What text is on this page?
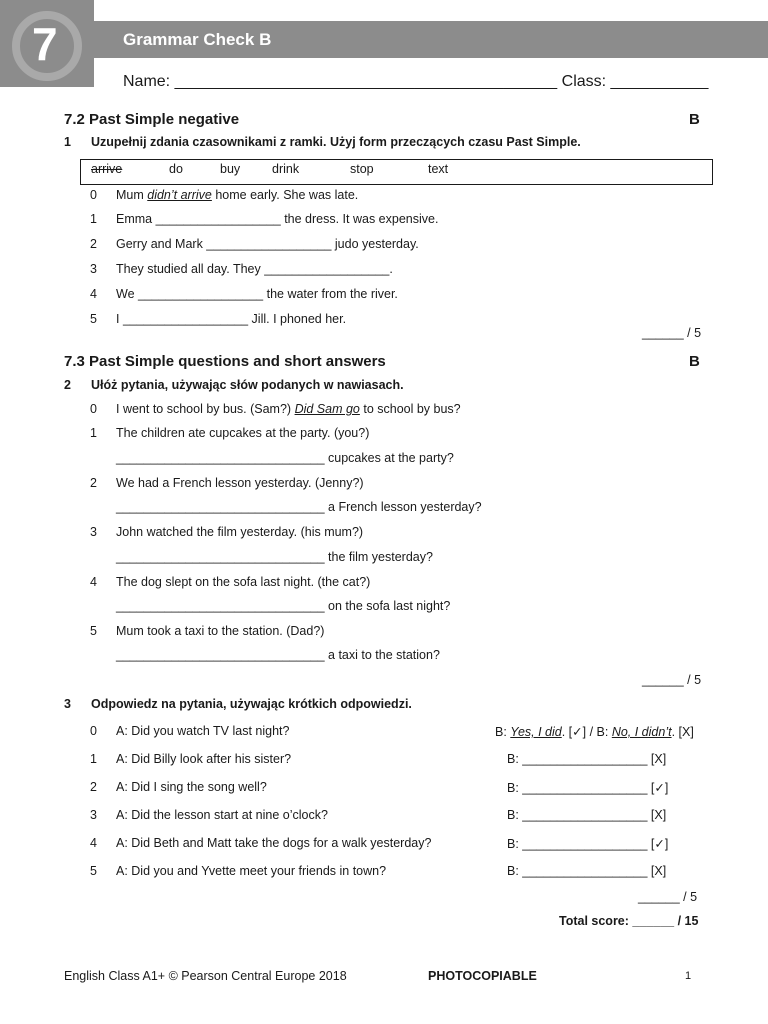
7	Grammar Check B
Name: ___________________________________________ Class: ___________
7.2 Past Simple negative	B
1 Uzupełnij zdania czasownikami z ramki. Użyj form przeczących czasu Past Simple.
arrive	do	buy	drink	stop	text
0 Mum didn’t arrive home early. She was late.
1 Emma __________________ the dress. It was expensive.
2 Gerry and Mark __________________ judo yesterday.
3 They studied all day. They __________________.
4 We __________________ the water from the river.
5 I __________________ Jill. I phoned her.
______ / 5
7.3 Past Simple questions and short answers	B
2 Ułóż pytania, używając słów podanych w nawiasach.
0 I went to school by bus. (Sam?) Did Sam go to school by bus?
1 The children ate cupcakes at the party. (you?)
______________________________ cupcakes at the party?
2 We had a French lesson yesterday. (Jenny?)
______________________________ a French lesson yesterday?
3 John watched the film yesterday. (his mum?)
______________________________ the film yesterday?
4 The dog slept on the sofa last night. (the cat?)
______________________________ on the sofa last night?
5 Mum took a taxi to the station. (Dad?)
______________________________ a taxi to the station?
______ / 5
3 Odpowiedz na pytania, używając krótkich odpowiedzi.
0 A: Did you watch TV last night?	B: Yes, I did. [✓] / B: No, I didn’t. [X]
1 A: Did Billy look after his sister?	B: __________________ [X]
2 A: Did I sing the song well?	B: __________________ [✓]
3 A: Did the lesson start at nine o’clock?	B: __________________ [X]
4 A: Did Beth and Matt take the dogs for a walk yesterday?	B: __________________ [✓]
5 A: Did you and Yvette meet your friends in town?	B: __________________ [X]
______ / 5
Total score: ______ / 15
English Class A1+ © Pearson Central Europe 2018	PHOTOCOPIABLE	1
